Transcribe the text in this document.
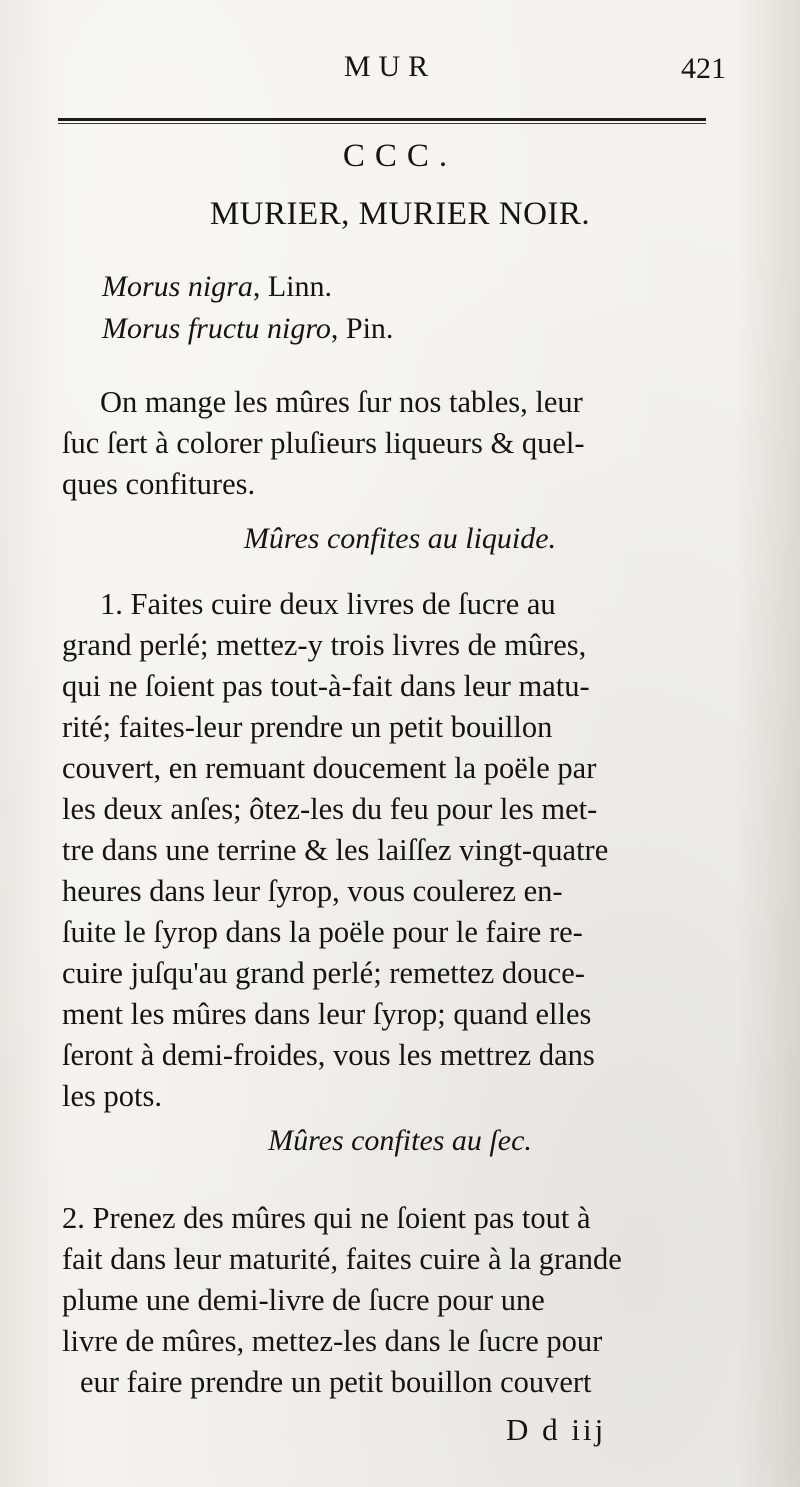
MUR	421
CCC.
MURIER, MURIER NOIR.
Morus nigra, Linn.
Morus fructu nigro, Pin.
On mange les mûres ſur nos tables, leur
ſuc ſert à colorer pluſieurs liqueurs & quel-
ques confitures.
Mûres confites au liquide.
1. Faites cuire deux livres de ſucre au
grand perlé; mettez-y trois livres de mûres,
qui ne ſoient pas tout-à-fait dans leur matu-
rité; faites-leur prendre un petit bouillon
couvert, en remuant doucement la poële par
les deux anſes; ôtez-les du feu pour les met-
tre dans une terrine & les laiſſez vingt-quatre
heures dans leur ſyrop, vous coulerez en-
ſuite le ſyrop dans la poële pour le faire re-
cuire juſqu'au grand perlé; remettez douce-
ment les mûres dans leur ſyrop; quand elles
ſeront à demi-froides, vous les mettrez dans
les pots.
Mûres confites au ſec.
2. Prenez des mûres qui ne ſoient pas tout à
fait dans leur maturité, faites cuire à la grande
plume une demi-livre de ſucre pour une
livre de mûres, mettez-les dans le ſucre pour
eur faire prendre un petit bouillon couvert
D d iij
